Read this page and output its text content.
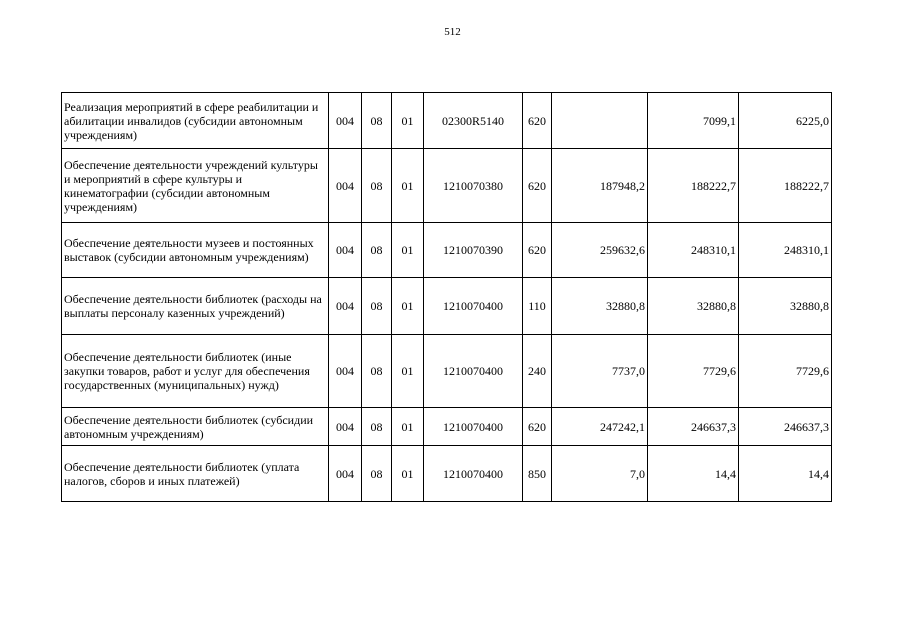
512
Реализация мероприятий в сфере реабилитации и абилитации инвалидов (субсидии автономным учреждениям)	004	08	01	02300R5140	620		7099,1	6225,0
Обеспечение деятельности учреждений культуры и мероприятий в сфере культуры и кинематографии (субсидии автономным учреждениям)	004	08	01	1210070380	620	187948,2	188222,7	188222,7
Обеспечение деятельности музеев и постоянных выставок (субсидии автономным учреждениям)	004	08	01	1210070390	620	259632,6	248310,1	248310,1
Обеспечение деятельности библиотек (расходы на выплаты персоналу казенных учреждений)	004	08	01	1210070400	110	32880,8	32880,8	32880,8
Обеспечение деятельности библиотек (иные закупки товаров, работ и услуг для обеспечения государственных (муниципальных) нужд)	004	08	01	1210070400	240	7737,0	7729,6	7729,6
Обеспечение деятельности библиотек (субсидии автономным учреждениям)	004	08	01	1210070400	620	247242,1	246637,3	246637,3
Обеспечение деятельности библиотек (уплата налогов, сборов и иных платежей)	004	08	01	1210070400	850	7,0	14,4	14,4
